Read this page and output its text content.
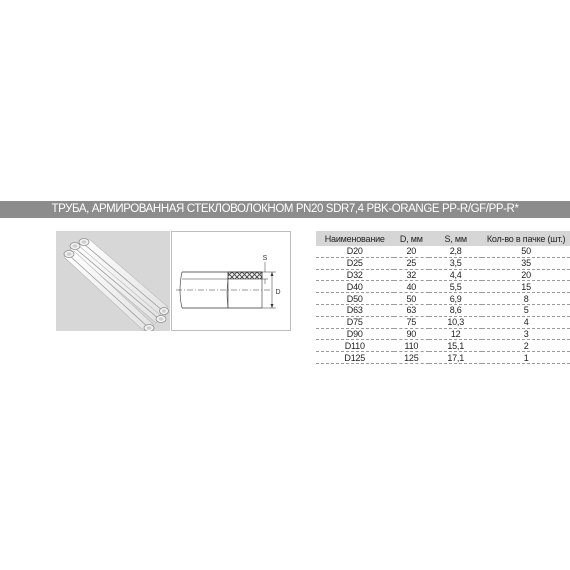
ТРУБА, АРМИРОВАННАЯ СТЕКЛОВОЛОКНОМ PN20 SDR7,4 PBK-ORANGE PP-R/GF/PP-R*
S
D
Наименование	D, мм	S, мм	Кол-во в пачке (шт.)
D20	20	2,8	50
D25	25	3,5	35
D32	32	4,4	20
D40	40	5,5	15
D50	50	6,9	8
D63	63	8,6	5
D75	75	10,3	4
D90	90	12	3
D110	110	15,1	2
D125	125	17,1	1
